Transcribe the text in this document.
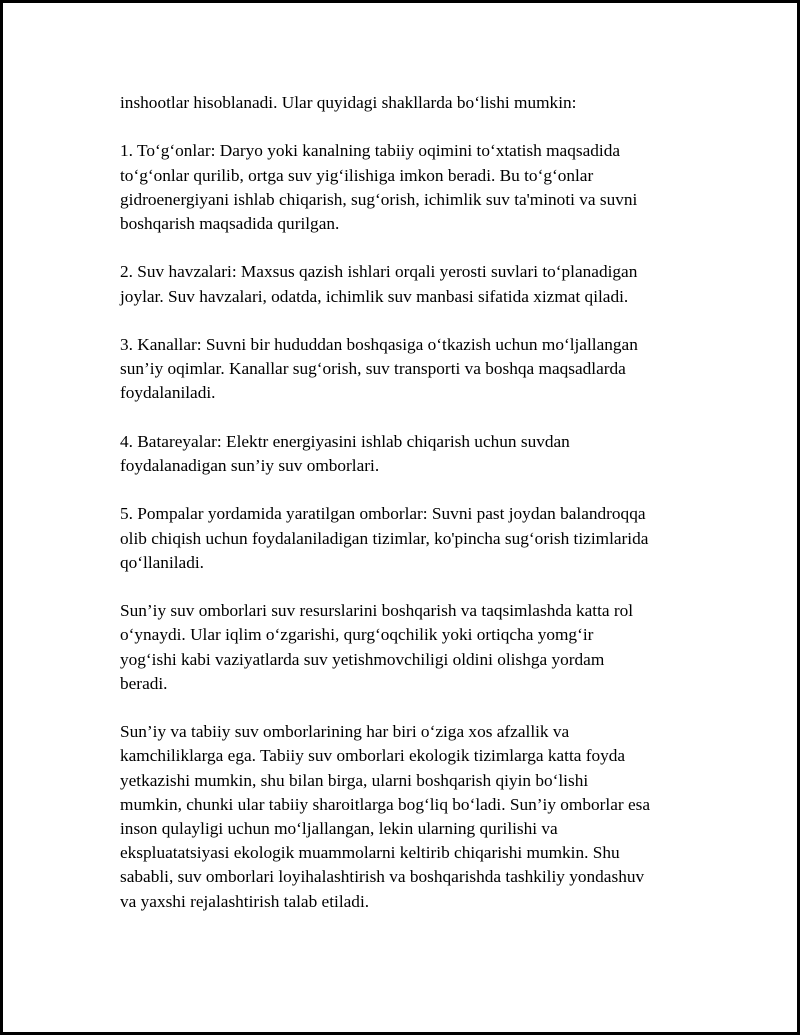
inshootlar hisoblanadi. Ular quyidagi shakllarda bo‘lishi mumkin:

1. To‘g‘onlar: Daryo yoki kanalning tabiiy oqimini to‘xtatish maqsadida
to‘g‘onlar qurilib, ortga suv yig‘ilishiga imkon beradi. Bu to‘g‘onlar
gidroenergiyani ishlab chiqarish, sug‘orish, ichimlik suv ta'minoti va suvni
boshqarish maqsadida qurilgan.

2. Suv havzalari: Maxsus qazish ishlari orqali yerosti suvlari to‘planadigan
joylar. Suv havzalari, odatda, ichimlik suv manbasi sifatida xizmat qiladi.

3. Kanallar: Suvni bir hududdan boshqasiga o‘tkazish uchun mo‘ljallangan
sun’iy oqimlar. Kanallar sug‘orish, suv transporti va boshqa maqsadlarda
foydalaniladi.

4. Batareyalar: Elektr energiyasini ishlab chiqarish uchun suvdan
foydalanadigan sun’iy suv omborlari.

5. Pompalar yordamida yaratilgan omborlar: Suvni past joydan balandroqqa
olib chiqish uchun foydalaniladigan tizimlar, ko'pincha sug‘orish tizimlarida
qo‘llaniladi.

Sun’iy suv omborlari suv resurslarini boshqarish va taqsimlashda katta rol
o‘ynaydi. Ular iqlim o‘zgarishi, qurg‘oqchilik yoki ortiqcha yomg‘ir
yog‘ishi kabi vaziyatlarda suv yetishmovchiligi oldini olishga yordam
beradi.

Sun’iy va tabiiy suv omborlarining har biri o‘ziga xos afzallik va
kamchiliklarga ega. Tabiiy suv omborlari ekologik tizimlarga katta foyda
yetkazishi mumkin, shu bilan birga, ularni boshqarish qiyin bo‘lishi
mumkin, chunki ular tabiiy sharoitlarga bog‘liq bo‘ladi. Sun’iy omborlar esa
inson qulayligi uchun mo‘ljallangan, lekin ularning qurilishi va
ekspluatatsiyasi ekologik muammolarni keltirib chiqarishi mumkin. Shu
sababli, suv omborlari loyihalashtirish va boshqarishda tashkiliy yondashuv
va yaxshi rejalashtirish talab etiladi.
